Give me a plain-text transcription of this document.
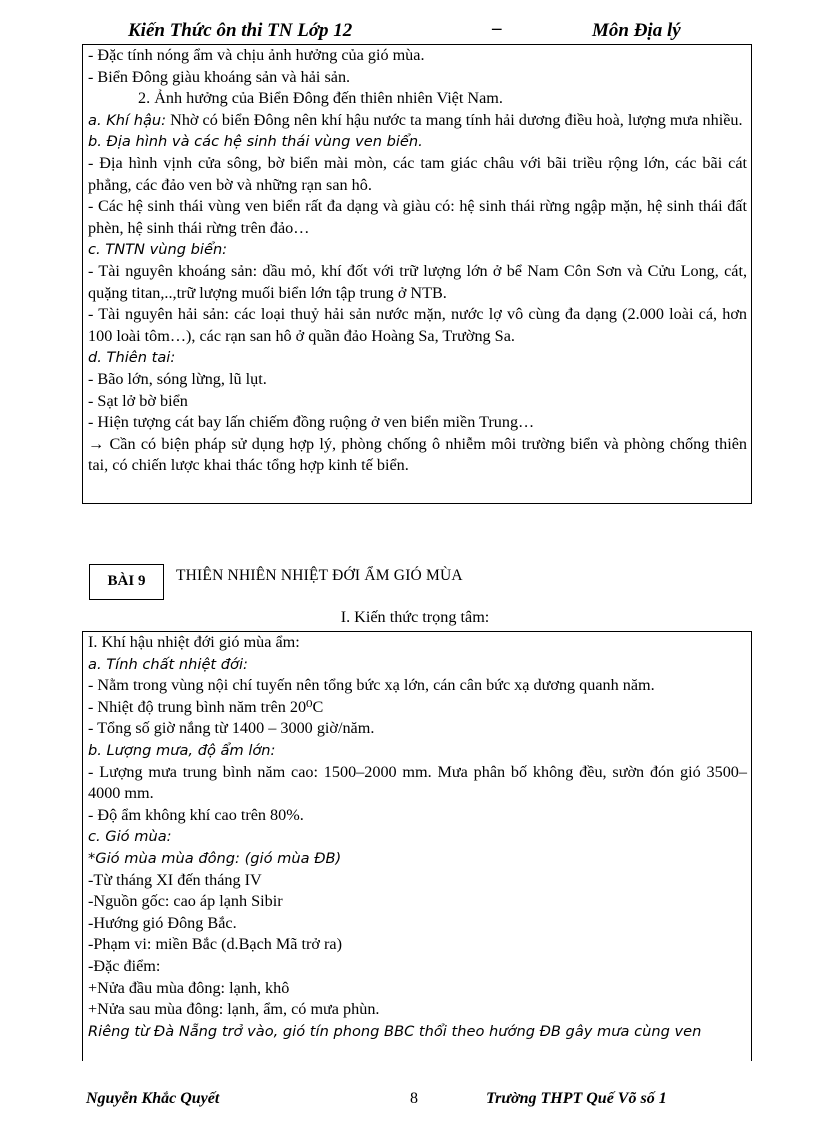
Kiến Thức ôn thi TN Lớp 12	–	Môn Địa lý
- Đặc tính nóng ẩm và chịu ảnh hưởng của gió mùa.
- Biển Đông giàu khoáng sản và hải sản.
2. Ảnh hưởng của Biển Đông đến thiên nhiên Việt Nam.
a. Khí hậu: Nhờ có biển Đông nên khí hậu nước ta mang tính hải dương điều hoà, lượng mưa nhiều.
b. Địa hình và các hệ sinh thái vùng ven biển.
- Địa hình vịnh cửa sông, bờ biển mài mòn, các tam giác châu với bãi triều rộng lớn, các bãi cát phẳng, các đảo ven bờ và những rạn san hô.
- Các hệ sinh thái vùng ven biển rất đa dạng và giàu có: hệ sinh thái rừng ngập mặn, hệ sinh thái đất phèn, hệ sinh thái rừng trên đảo…
c. TNTN vùng biển:
- Tài nguyên khoáng sản: dầu mỏ, khí đốt với trữ lượng lớn ở bể Nam Côn Sơn và Cửu Long, cát, quặng titan,..,trữ lượng muối biển lớn tập trung ở NTB.
- Tài nguyên hải sản: các loại thuỷ hải sản nước mặn, nước lợ vô cùng đa dạng (2.000 loài cá, hơn 100 loài tôm…), các rạn san hô ở quần đảo Hoàng Sa, Trường Sa.
d. Thiên tai:
- Bão lớn, sóng lừng, lũ lụt.
- Sạt lở bờ biển
- Hiện tượng cát bay lấn chiếm đồng ruộng ở ven biển miền Trung…
→ Cần có biện pháp sử dụng hợp lý, phòng chống ô nhiễm môi trường biển và phòng chống thiên tai, có chiến lược khai thác tổng hợp kinh tế biển.
BÀI 9	THIÊN NHIÊN NHIỆT ĐỚI ẨM GIÓ MÙA
I. Kiến thức trọng tâm:
I. Khí hậu nhiệt đới gió mùa ẩm:
a. Tính chất nhiệt đới:
- Nằm trong vùng nội chí tuyến nên tổng bức xạ lớn, cán cân bức xạ dương quanh năm.
- Nhiệt độ trung bình năm trên 20⁰C
- Tổng số giờ nắng từ 1400 – 3000 giờ/năm.
b. Lượng mưa, độ ẩm lớn:
- Lượng mưa trung bình năm cao: 1500–2000 mm. Mưa phân bố không đều, sườn đón gió 3500– 4000 mm.
- Độ ẩm không khí cao trên 80%.
c. Gió mùa:
*Gió mùa mùa đông: (gió mùa ĐB)
-Từ tháng XI đến tháng IV
-Nguồn gốc: cao áp lạnh Sibir
-Hướng gió Đông Bắc.
-Phạm vi: miền Bắc (d.Bạch Mã trở ra)
-Đặc điểm:
+Nửa đầu mùa đông: lạnh, khô
+Nửa sau mùa đông: lạnh, ẩm, có mưa phùn.
Riêng từ Đà Nẵng trở vào, gió tín phong BBC thổi theo hướng ĐB gây mưa cùng ven
Nguyễn Khắc Quyết	8	Trường THPT Quế Võ số 1
